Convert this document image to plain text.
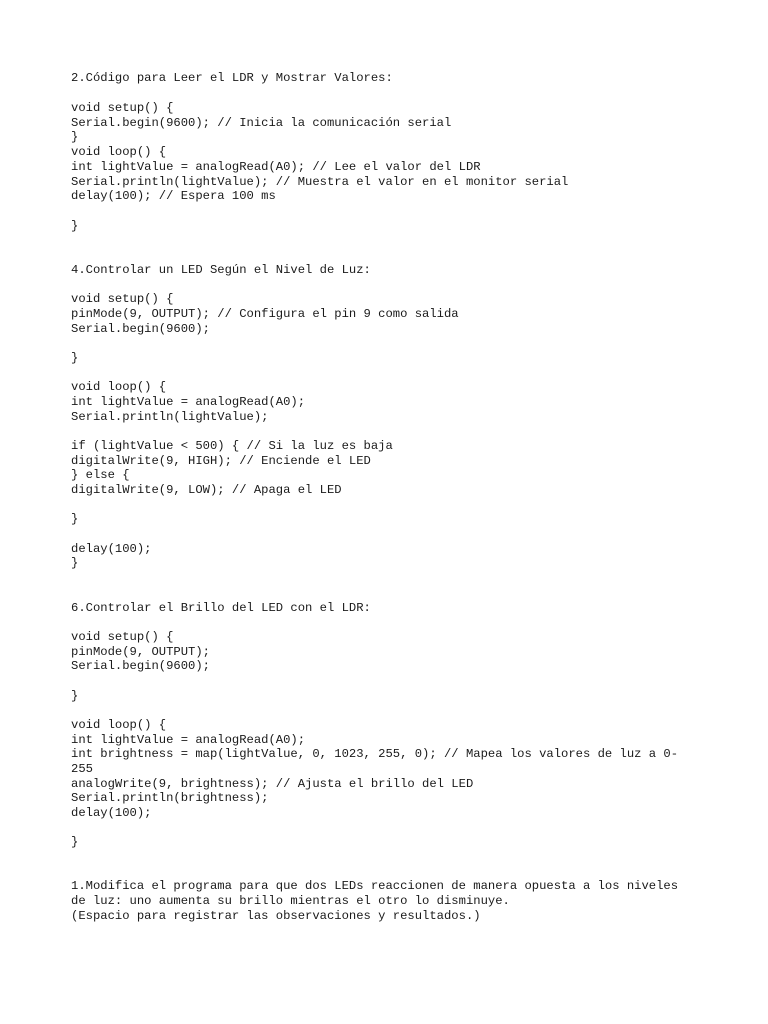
2.Código para Leer el LDR y Mostrar Valores:
void setup() {
Serial.begin(9600); // Inicia la comunicación serial
}
void loop() {
int lightValue = analogRead(A0); // Lee el valor del LDR
Serial.println(lightValue); // Muestra el valor en el monitor serial
delay(100); // Espera 100 ms
}
4.Controlar un LED Según el Nivel de Luz:
void setup() {
pinMode(9, OUTPUT); // Configura el pin 9 como salida
Serial.begin(9600);
}
void loop() {
int lightValue = analogRead(A0);
Serial.println(lightValue);
if (lightValue < 500) { // Si la luz es baja
digitalWrite(9, HIGH); // Enciende el LED
} else {
digitalWrite(9, LOW); // Apaga el LED
}
delay(100);
}
6.Controlar el Brillo del LED con el LDR:
void setup() {
pinMode(9, OUTPUT);
Serial.begin(9600);
}
void loop() {
int lightValue = analogRead(A0);
int brightness = map(lightValue, 0, 1023, 255, 0); // Mapea los valores de luz a 0-
255
analogWrite(9, brightness); // Ajusta el brillo del LED
Serial.println(brightness);
delay(100);
}
1.Modifica el programa para que dos LEDs reaccionen de manera opuesta a los niveles
de luz: uno aumenta su brillo mientras el otro lo disminuye.
(Espacio para registrar las observaciones y resultados.)
